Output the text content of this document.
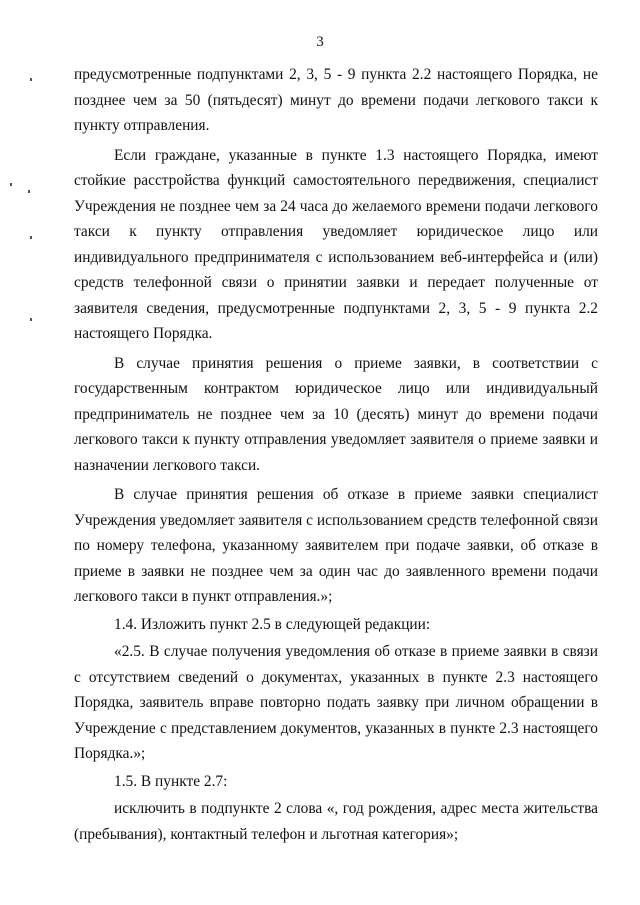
3

предусмотренные подпунктами 2, 3, 5 - 9 пункта 2.2 настоящего Порядка, не позднее чем за 50 (пятьдесят) минут до времени подачи легкового такси к пункту отправления.

Если граждане, указанные в пункте 1.3 настоящего Порядка, имеют стойкие расстройства функций самостоятельного передвижения, специалист Учреждения не позднее чем за 24 часа до желаемого времени подачи легкового такси к пункту отправления уведомляет юридическое лицо или индивидуального предпринимателя с использованием веб-интерфейса и (или) средств телефонной связи о принятии заявки и передает полученные от заявителя сведения, предусмотренные подпунктами 2, 3, 5 - 9 пункта 2.2 настоящего Порядка.

В случае принятия решения о приеме заявки, в соответствии с государственным контрактом юридическое лицо или индивидуальный предприниматель не позднее чем за 10 (десять) минут до времени подачи легкового такси к пункту отправления уведомляет заявителя о приеме заявки и назначении легкового такси.

В случае принятия решения об отказе в приеме заявки специалист Учреждения уведомляет заявителя с использованием средств телефонной связи по номеру телефона, указанному заявителем при подаче заявки, об отказе в приеме в заявки не позднее чем за один час до заявленного времени подачи легкового такси в пункт отправления.»;

1.4. Изложить пункт 2.5 в следующей редакции:

«2.5. В случае получения уведомления об отказе в приеме заявки в связи с отсутствием сведений о документах, указанных в пункте 2.3 настоящего Порядка, заявитель вправе повторно подать заявку при личном обращении в Учреждение с представлением документов, указанных в пункте 2.3 настоящего Порядка.»;

1.5. В пункте 2.7:

исключить в подпункте 2 слова «, год рождения, адрес места жительства (пребывания), контактный телефон и льготная категория»;
